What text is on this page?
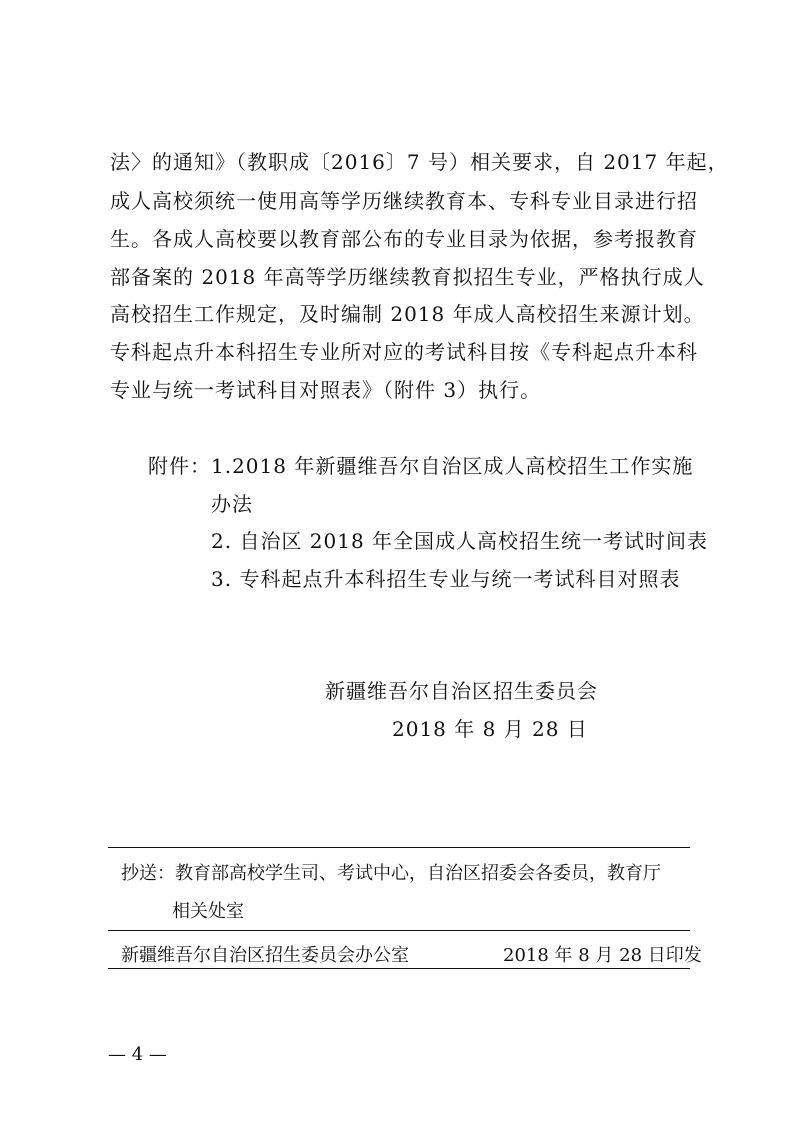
法〉的通知》（教职成〔2016〕7 号）相关要求，自 2017 年起，
成人高校须统一使用高等学历继续教育本、专科专业目录进行招
生。各成人高校要以教育部公布的专业目录为依据，参考报教育
部备案的 2018 年高等学历继续教育拟招生专业，严格执行成人
高校招生工作规定，及时编制 2018 年成人高校招生来源计划。
专科起点升本科招生专业所对应的考试科目按《专科起点升本科
专业与统一考试科目对照表》（附件 3）执行。
附件： 1.2018 年新疆维吾尔自治区成人高校招生工作实施
办法
2. 自治区 2018 年全国成人高校招生统一考试时间表
3. 专科起点升本科招生专业与统一考试科目对照表
新疆维吾尔自治区招生委员会
2018 年 8 月 28 日
抄送：教育部高校学生司、考试中心，自治区招委会各委员，教育厅
相关处室
新疆维吾尔自治区招生委员会办公室	2018 年 8 月 28 日印发
— 4 —
